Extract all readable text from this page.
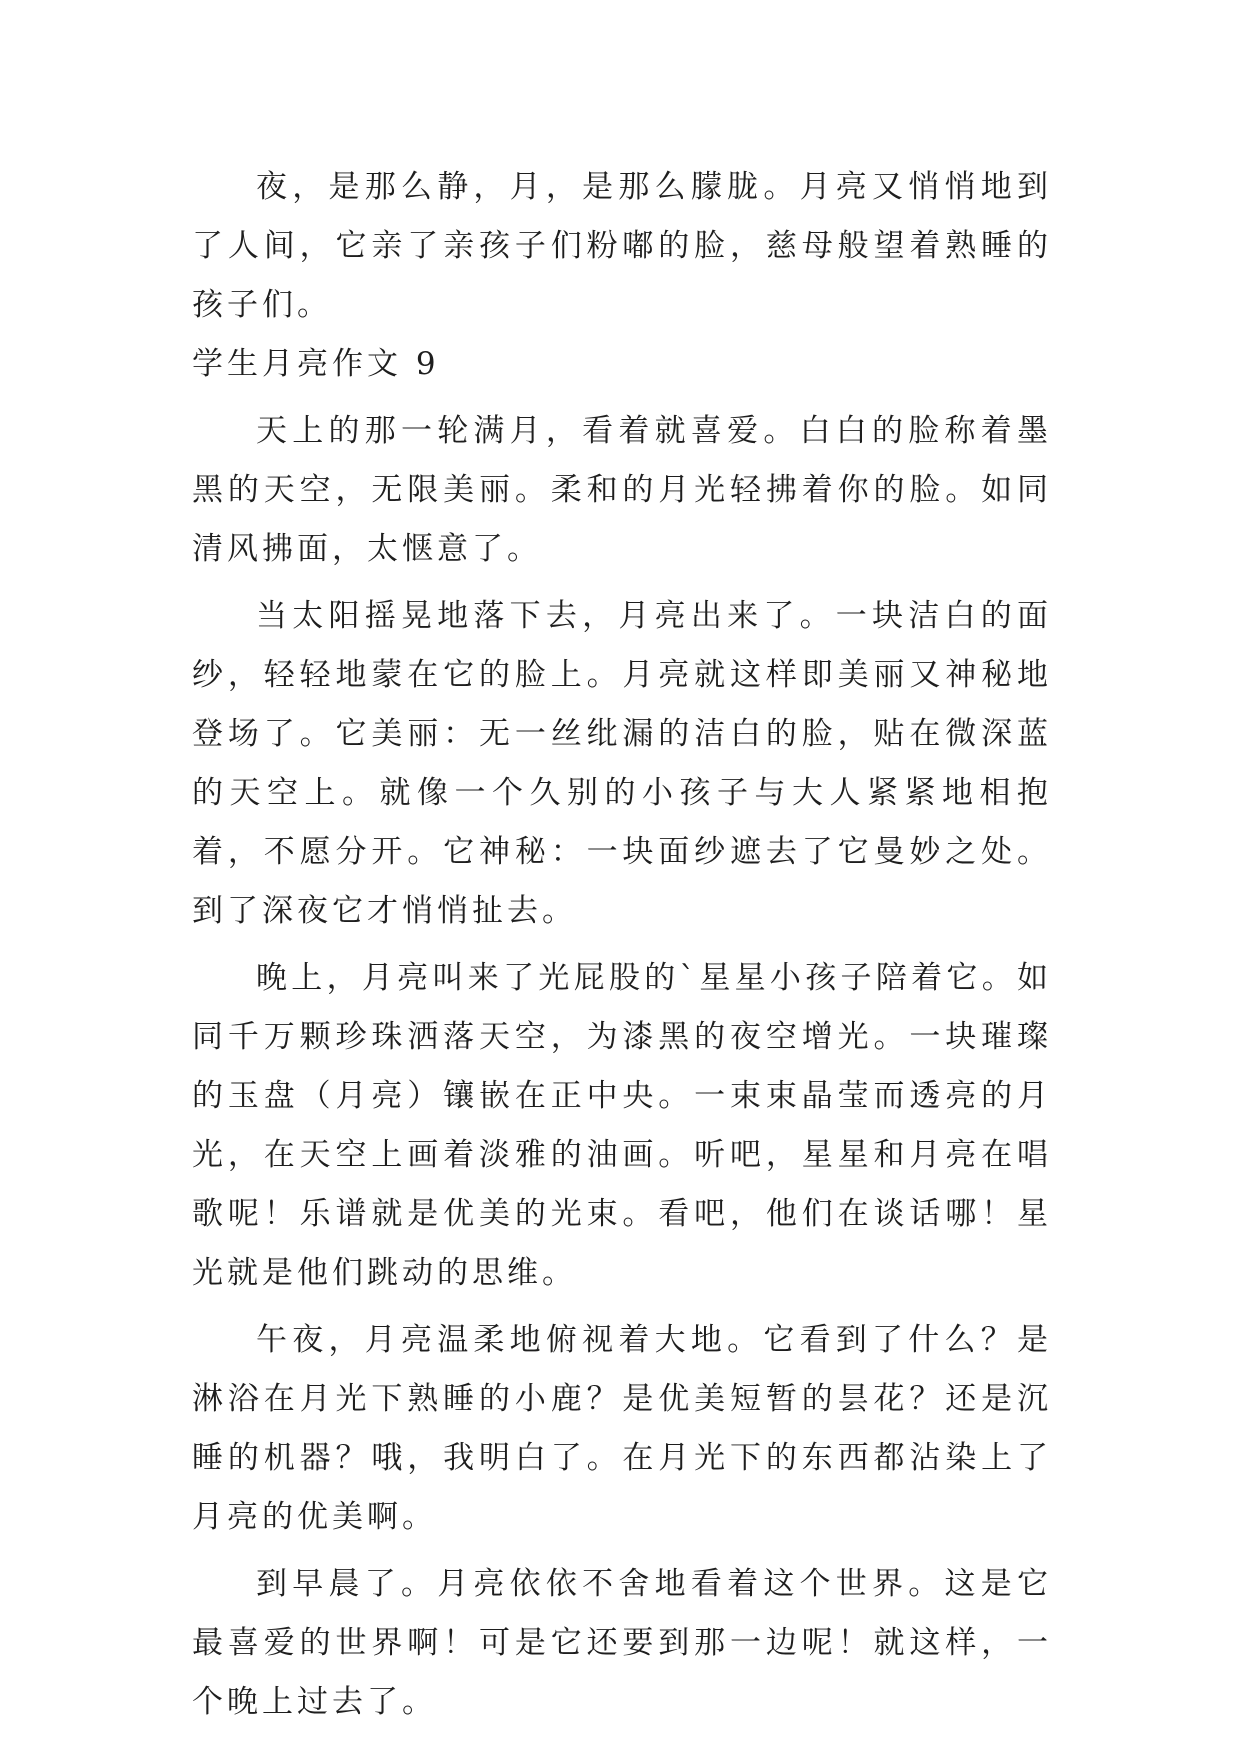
夜，是那么静，月，是那么朦胧。月亮又悄悄地到了人间，它亲了亲孩子们粉嘟的脸，慈母般望着熟睡的孩子们。

学生月亮作文 9

天上的那一轮满月，看着就喜爱。白白的脸称着墨黑的天空，无限美丽。柔和的月光轻拂着你的脸。如同清风拂面，太惬意了。

当太阳摇晃地落下去，月亮出来了。一块洁白的面纱，轻轻地蒙在它的脸上。月亮就这样即美丽又神秘地登场了。它美丽：无一丝纰漏的洁白的脸，贴在微深蓝的天空上。就像一个久别的小孩子与大人紧紧地相抱着，不愿分开。它神秘：一块面纱遮去了它曼妙之处。到了深夜它才悄悄扯去。

晚上，月亮叫来了光屁股的`星星小孩子陪着它。如同千万颗珍珠洒落天空，为漆黑的夜空增光。一块璀璨的玉盘（月亮）镶嵌在正中央。一束束晶莹而透亮的月光，在天空上画着淡雅的油画。听吧，星星和月亮在唱歌呢！乐谱就是优美的光束。看吧，他们在谈话哪！星光就是他们跳动的思维。

午夜，月亮温柔地俯视着大地。它看到了什么？是淋浴在月光下熟睡的小鹿？是优美短暂的昙花？还是沉睡的机器？哦，我明白了。在月光下的东西都沾染上了月亮的优美啊。

到早晨了。月亮依依不舍地看着这个世界。这是它最喜爱的世界啊！可是它还要到那一边呢！就这样，一个晚上过去了。
